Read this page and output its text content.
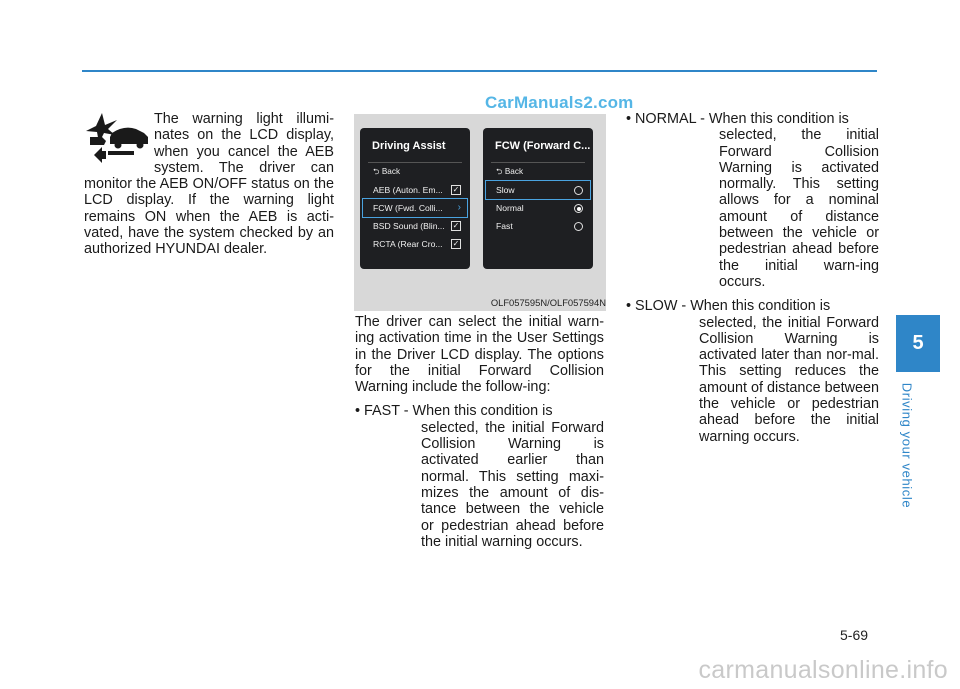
CarManuals2.com

The warning light illumi-nates on the LCD display, when you cancel the AEB system. The driver can monitor the AEB ON/OFF status on the LCD display. If the warning light remains ON when the AEB is acti-vated, have the system checked by an authorized HYUNDAI dealer.

Driving Assist
⮌ Back
AEB (Auton. Em... ✓
FCW (Fwd. Colli... ›
BSD Sound (Blin... ✓
RCTA (Rear Cro... ✓
FCW (Forward C...
⮌ Back
Slow
Normal
Fast
OLF057595N/OLF057594N

The driver can select the initial warn-ing activation time in the User Settings in the Driver LCD display. The options for the initial Forward Collision Warning include the follow-ing:

• FAST - When this condition is
selected, the initial Forward Collision Warning is activated earlier than normal. This setting maxi-mizes the amount of dis-tance between the vehicle or pedestrian ahead before the initial warning occurs.
• NORMAL - When this condition is
selected, the initial Forward Collision Warning is activated normally. This setting allows for a nominal amount of distance between the vehicle or pedestrian ahead before the initial warn-ing occurs.
• SLOW - When this condition is
selected, the initial Forward Collision Warning is activated later than nor-mal. This setting reduces the amount of distance between the vehicle or pedestrian ahead before the initial warning occurs.
5
Driving your vehicle
5-69
carmanualsonline.info
